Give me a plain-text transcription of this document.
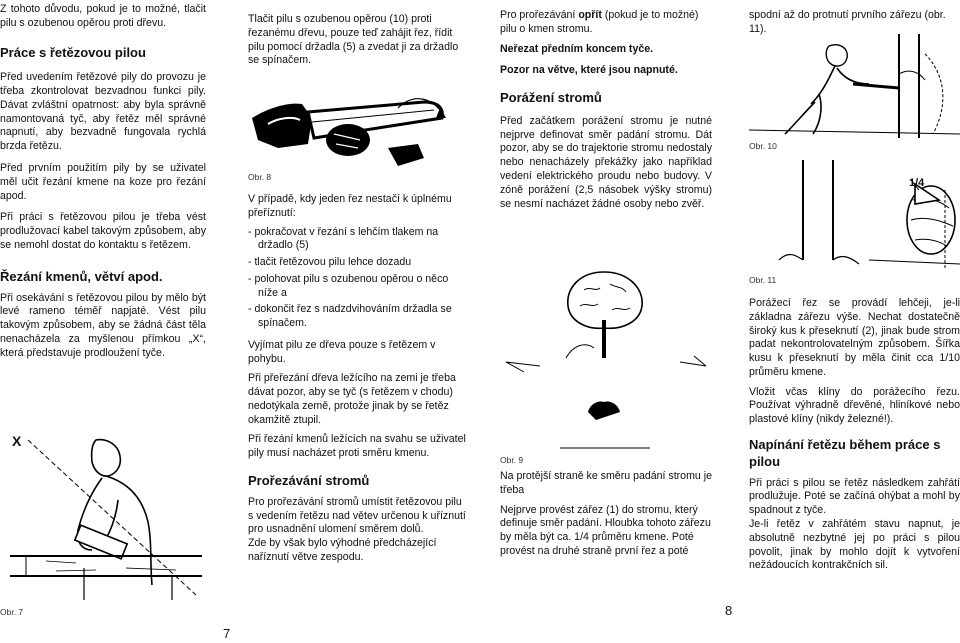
Z tohoto důvodu, pokud je to možné, tlačit pilu s ozubenou opěrou proti dřevu.

Práce s řetězovou pilou

Před uvedením řetězové pily do provozu je třeba zkontrolovat bezvadnou funkci pily. Dávat zvláštní opatrnost: aby byla správně namontovaná tyč, aby řetěz měl správné napnutí, aby bezvadně fungovala rychlá brzda řetězu.

Před prvním použitím pily by se uživatel měl učit řezání kmene na koze pro řezání apod.

Při práci s řetězovou pilou je třeba vést prodlužovací kabel takovým způsobem, aby se nemohl dostat do kontaktu s řetězem.

Řezání kmenů, větví apod.

Při osekávání s řetězovou pilou by mělo být levé rameno téměř napjaté. Vést pilu takovým způsobem, aby se žádná část těla nenacházela za myšlenou přímkou „X“, která představuje prodloužení tyče.

X
Obr. 7
7

Tlačit pilu s ozubenou opěrou (10) proti řezanému dřevu, pouze teď zahájit řez, řídit pilu pomocí držadla (5) a zvedat ji za držadlo se spínačem.

Obr. 8

V případě, kdy jeden řez nestačí k úplnému přeříznutí:

- pokračovat v řezání s lehčím tlakem na držadlo (5)

- tlačit řetězovou pilu lehce dozadu

- polohovat pilu s ozubenou opěrou o něco níže a

- dokončit řez s nadzdvihováním držadla se spínačem.

Vyjímat pilu ze dřeva pouze s řetězem v pohybu.

Při přeřezání dřeva ležícího na zemi je třeba dávat pozor, aby se tyč (s řetězem v chodu) nedotýkala země, protože jinak by se řetěz okamžitě ztupil.

Při řezání kmenů ležících na svahu se uživatel pily musí nacházet proti směru kmenu.

Prořezávání stromů

Pro prořezávání stromů umístit řetězovou pilu s vedením řetězu nad větev určenou k uříznutí pro usnadnění ulomení směrem dolů.

Zde by však bylo výhodné předcházející naříznutí větve zespodu.

Pro prořezávání opřít (pokud je to možné) pilu o kmen stromu.

Neřezat předním koncem tyče.

Pozor na větve, které jsou napnuté.

Porážení stromů

Před začátkem porážení stromu je nutné nejprve definovat směr padání stromu. Dát pozor, aby se do trajektorie stromu nedostaly nebo nenacházely překážky jako například vedení elektrického proudu nebo budovy. V zóně porážení (2,5 násobek výšky stromu) se nesmí nacházet žádné osoby nebo zvěř.

Obr. 9

Na protější straně ke směru padání stromu je třeba

Nejprve provést zářez (1) do stromu, který definuje směr padání. Hloubka tohoto zářezu by měla být ca. 1/4 průměru kmene. Poté provést na druhé straně první řez a poté

8

spodní až do protnutí prvního zářezu (obr. 11).

Obr. 10
1/4
Obr. 11

Porážecí řez se provádí lehčeji, je-li základna zářezu výše. Nechat dostatečně široký kus k přeseknutí (2), jinak bude strom padat nekontrolovatelným způsobem. Šířka kusu k přeseknutí by měla činit cca 1/10 průměru kmene.

Vložit včas klíny do porážecího řezu. Používat výhradně dřevěné, hliníkové nebo plastové klíny (nikdy železné!).

Napínání řetězu během práce s pilou

Při práci s pilou se řetěz následkem zahřátí prodlužuje. Poté se začíná ohýbat a mohl by spadnout z tyče.

Je-li řetěz v zahřátém stavu napnut, je absolutně nezbytné jej po práci s pilou povolit, jinak by mohlo dojít k vytvoření nežádoucích kontrakčních sil.
